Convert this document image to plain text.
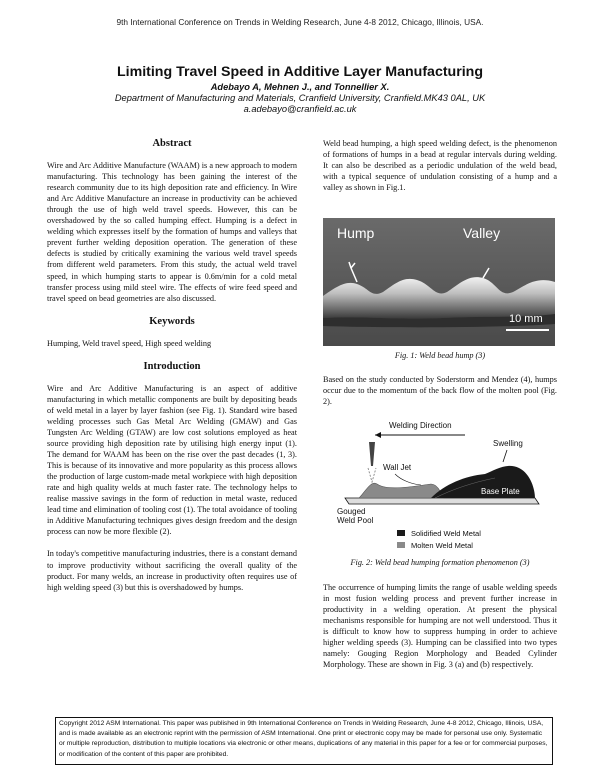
9th International Conference on Trends in Welding Research, June 4-8 2012, Chicago, Illinois, USA.
Limiting Travel Speed in Additive Layer Manufacturing
Adebayo A, Mehnen J., and Tonnellier X.
Department of Manufacturing and Materials, Cranfield University, Cranfield.MK43 0AL, UK
a.adebayo@cranfield.ac.uk
Abstract

Wire and Arc Additive Manufacture (WAAM) is a new approach to modern manufacturing. This technology has been gaining the interest of the research community due to its high deposition rate and efficiency. In Wire and Arc Additive Manufacture an increase in productivity can be achieved through the use of high weld travel speeds. However, this can be overshadowed by the so called humping effect. Humping is a defect in welding which expresses itself by the formation of humps and valleys that prevent further welding deposition operation. The generation of these defects is studied by critically examining the various weld travel speeds from different weld parameters. From this study, the actual weld travel speed, in which humping starts to appear is 0.6m/min for a cold metal transfer process using mild steel wire. The effects of wire feed speed and travel speed on bead geometries are also discussed.

Keywords

Humping, Weld travel speed, High speed welding

Introduction

Wire and Arc Additive Manufacturing is an aspect of additive manufacturing in which metallic components are built by depositing beads of weld metal in a layer by layer fashion (see Fig. 1). Standard wire based welding processes such Gas Metal Arc Welding (GMAW) and Gas Tungsten Arc Welding (GTAW) are low cost solutions employed as heat source providing high deposition rate by utilising high energy input (1). The demand for WAAM has been on the rise over the past decades (1, 3). This is because of its innovative and more popularity as this process allows the production of large custom-made metal workpiece with high deposition rate and high quality welds at much faster rate. The technology helps to realise massive savings in the form of reduction in metal waste, reduced lead time and elimination of tooling cost (1). The total avoidance of tooling in Additive Manufacturing techniques gives design freedom and the design process can now be more flexible (2).

In today's competitive manufacturing industries, there is a constant demand to improve productivity without sacrificing the overall quality of the product. For many welds, an increase in productivity often requires use of high welding speed (3) but this is overshadowed by humps.

Weld bead humping, a high speed welding defect, is the phenomenon of formations of humps in a bead at regular intervals during welding. It can also be described as a periodic undulation of the weld bead, with a typical sequence of undulation consisting of a hump and a valley as shown in Fig.1.

Hump	Valley
10 mm
Fig. 1: Weld bead hump (3)

Based on the study conducted by Soderstorm and Mendez (4), humps occur due to the momentum of the back flow of the molten pool (Fig. 2).

Welding Direction
Swelling
Wall Jet
Base Plate
Gouged
Weld Pool
Solidified Weld Metal
Molten Weld Metal
Fig. 2: Weld bead humping formation phenomenon (3)

The occurrence of humping limits the range of usable welding speeds in most fusion welding process and prevent further increase in productivity in a welding operation. At present the physical mechanisms responsible for humping are not well understood. Thus it is difficult to know how to suppress humping in order to achieve higher welding speeds (3). Humping can be classified into two types namely: Gouging Region Morphology and Beaded Cylinder Morphology. These are shown in Fig. 3 (a) and (b) respectively.

Copyright 2012 ASM International. This paper was published in 9th International Conference on Trends in Welding Research, June 4-8 2012, Chicago, Illinois, USA, and is made available as an electronic reprint with the permission of ASM International. One print or electronic copy may be made for personal use only. Systematic or multiple reproduction, distribution to multiple locations via electronic or other means, duplications of any material in this paper for a fee or for commercial purposes, or modification of the content of this paper are prohibited.
